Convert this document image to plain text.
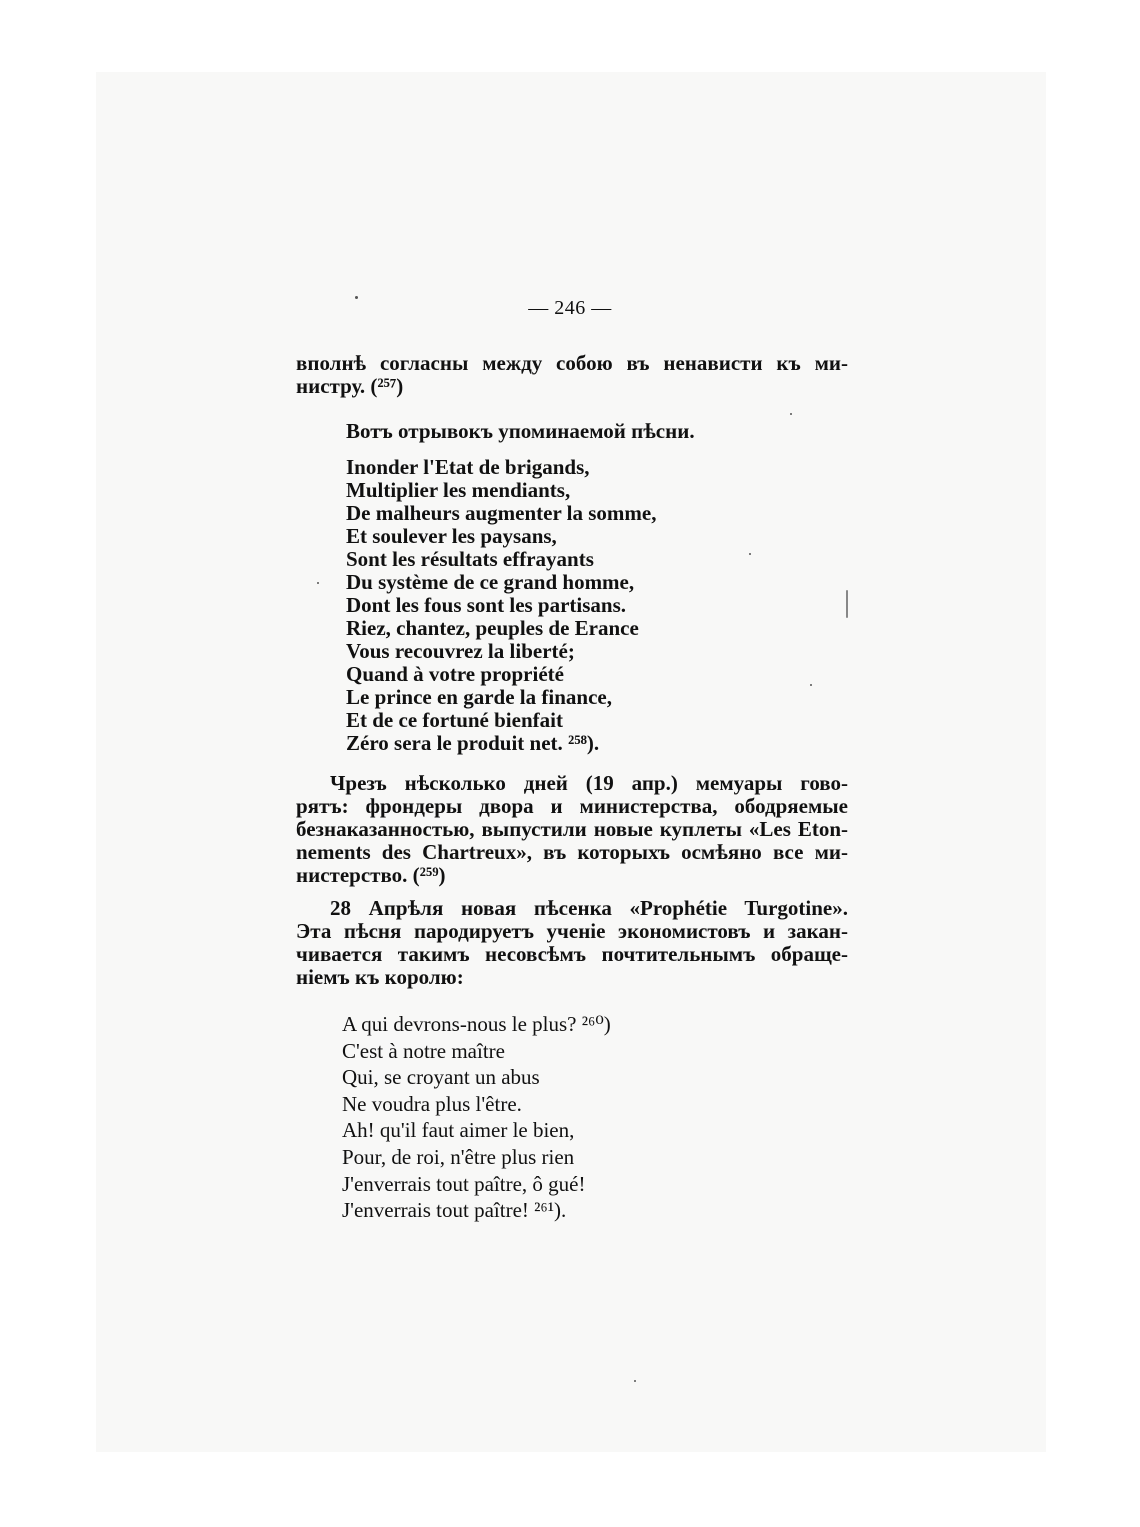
— 246 —
вполнѣ согласны между собою въ ненависти къ ми-
нистру. (²⁵⁷)
Вотъ отрывокъ упоминаемой пѣсни.
Inonder l'Etat de brigands,
Multiplier les mendiants,
De malheurs augmenter la somme,
Et soulever les paysans,
Sont les résultats effrayants
Du système de ce grand homme,
Dont les fous sont les partisans.
Riez, chantez, peuples de Erance
Vous recouvrez la liberté;
Quand à votre propriété
Le prince en garde la finance,
Et de ce fortuné bienfait
Zéro sera le produit net. ²⁵⁸).
Чрезъ нѣсколько дней (19 апр.) мемуары гово-
рятъ: фрондеры двора и министерства, ободряемые
безнаказанностью, выпустили новые куплеты «Les Eton-
nements des Chartreux», въ которыхъ осмѣяно все ми-
нистерство. (²⁵⁹)
28 Апрѣля новая пѣсенка «Prophétie Turgotine».
Эта пѣсня пародируетъ ученіе экономистовъ и закан-
чивается такимъ несовсѣмъ почтительнымъ обраще-
ніемъ къ королю:
A qui devrons-nous le plus? ²⁶⁰)
C'est à notre maître
Qui, se croyant un abus
Ne voudra plus l'être.
Ah! qu'il faut aimer le bien,
Pour, de roi, n'être plus rien
J'enverrais tout paître, ô gué!
J'enverrais tout paître! ²⁶¹).
